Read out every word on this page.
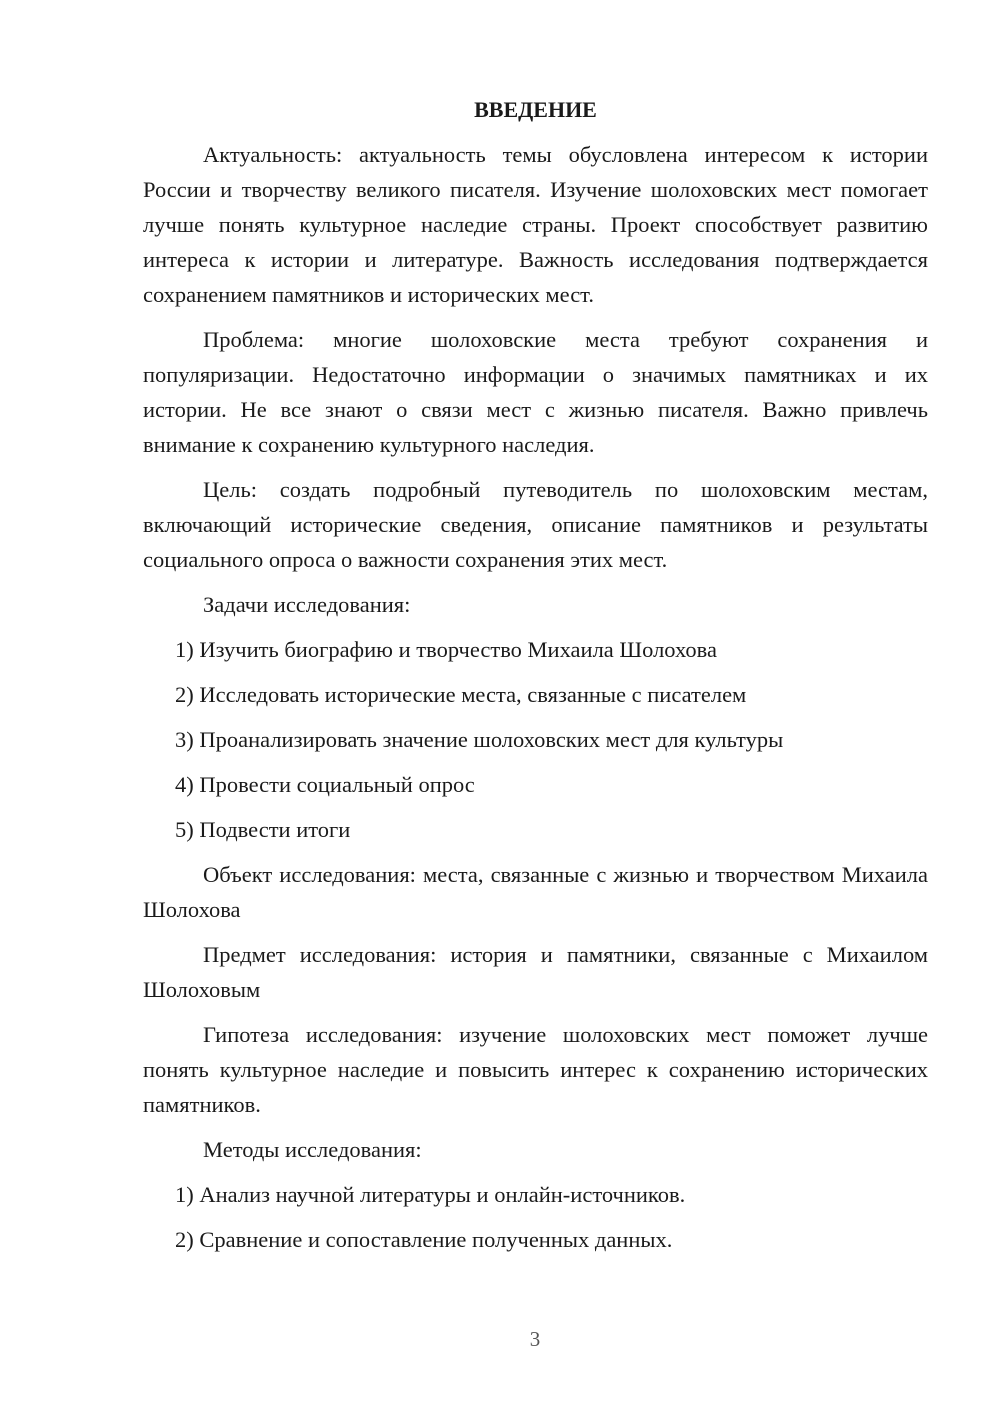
ВВЕДЕНИЕ
Актуальность: актуальность темы обусловлена интересом к истории России и творчеству великого писателя. Изучение шолоховских мест помогает лучше понять культурное наследие страны. Проект способствует развитию интереса к истории и литературе. Важность исследования подтверждается сохранением памятников и исторических мест.
Проблема: многие шолоховские места требуют сохранения и популяризации. Недостаточно информации о значимых памятниках и их истории. Не все знают о связи мест с жизнью писателя. Важно привлечь внимание к сохранению культурного наследия.
Цель: создать подробный путеводитель по шолоховским местам, включающий исторические сведения, описание памятников и результаты социального опроса о важности сохранения этих мест.
Задачи исследования:
1) Изучить биографию и творчество Михаила Шолохова
2) Исследовать исторические места, связанные с писателем
3) Проанализировать значение шолоховских мест для культуры
4) Провести социальный опрос
5) Подвести итоги
Объект исследования: места, связанные с жизнью и творчеством Михаила Шолохова
Предмет исследования: история и памятники, связанные с Михаилом Шолоховым
Гипотеза исследования: изучение шолоховских мест поможет лучше понять культурное наследие и повысить интерес к сохранению исторических памятников.
Методы исследования:
1) Анализ научной литературы и онлайн-источников.
2) Сравнение и сопоставление полученных данных.
3
